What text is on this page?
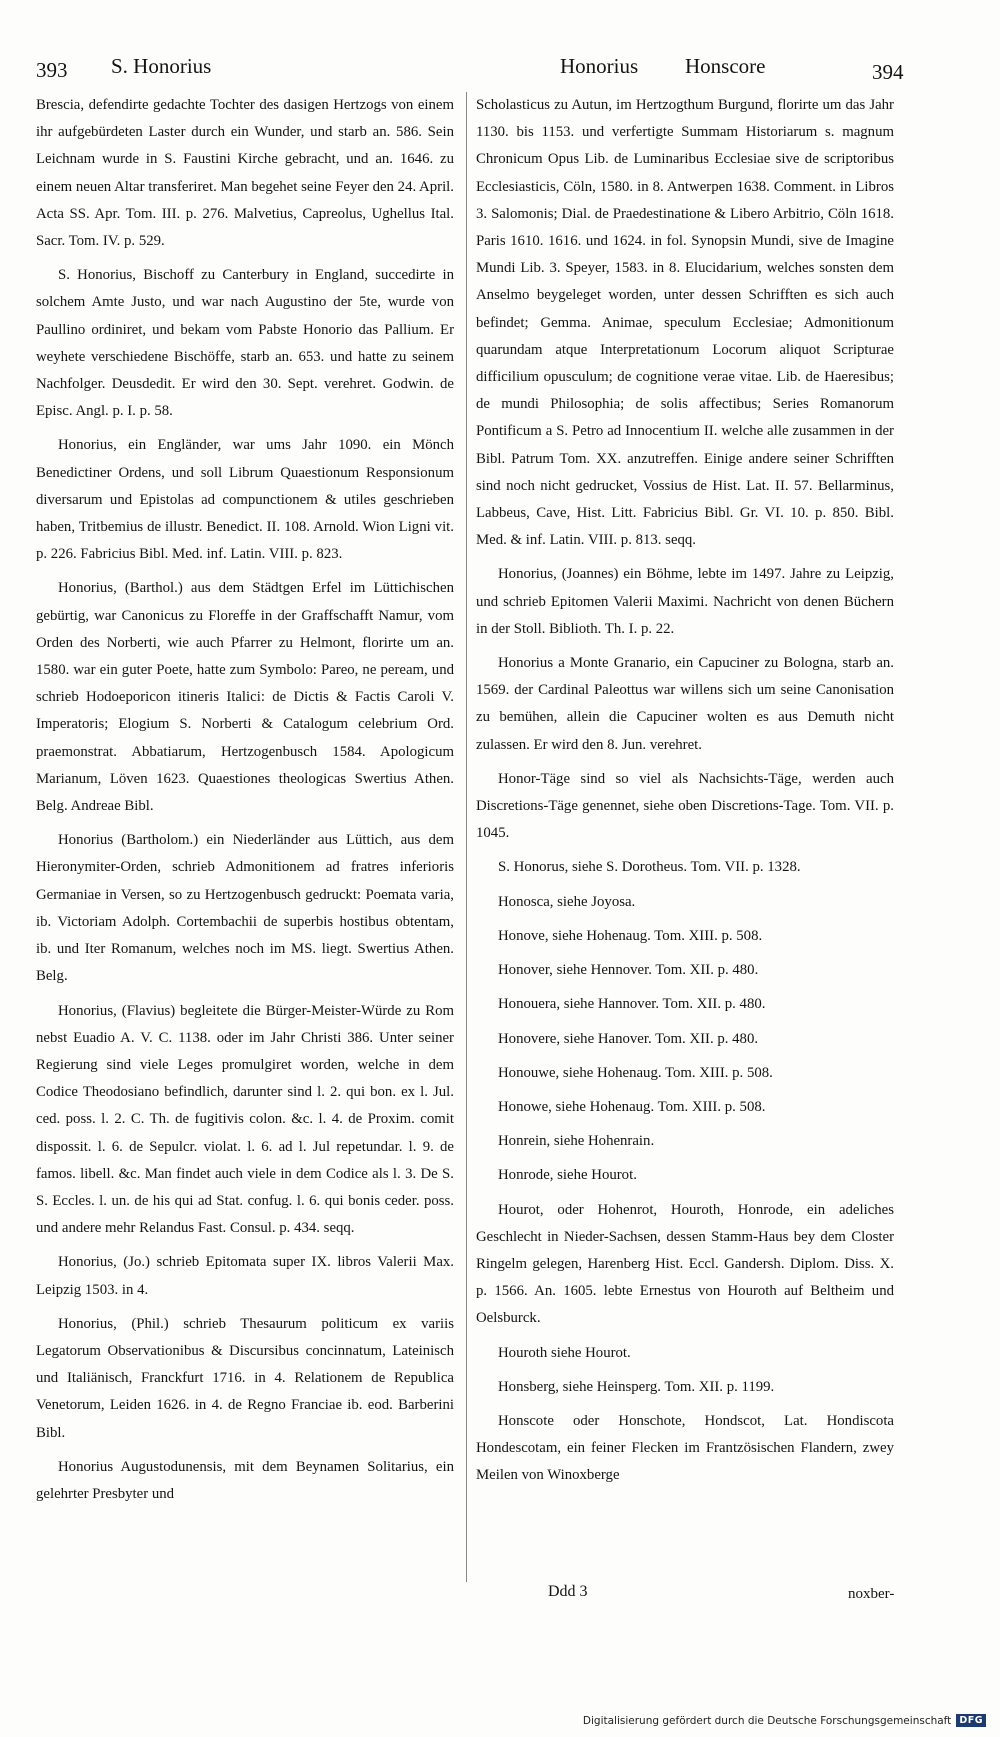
393 S. Honorius	Honorius Honscore	394

Brescia, defendirte gedachte Tochter des dasigen Hertzogs von einem ihr aufgebürdeten Laster durch ein Wunder, und starb an. 586. Sein Leichnam wurde in S. Faustini Kirche gebracht, und an. 1646. zu einem neuen Altar transferiret. Man begehet seine Feyer den 24. April. Acta SS. Apr. Tom. III. p. 276. Malvetius, Capreolus, Ughellus Ital. Sacr. Tom. IV. p. 529.

S. Honorius, Bischoff zu Canterbury in England, succedirte in solchem Amte Justo, und war nach Augustino der 5te, wurde von Paullino ordiniret, und bekam vom Pabste Honorio das Pallium. Er weyhete verschiedene Bischöffe, starb an. 653. und hatte zu seinem Nachfolger. Deusdedit. Er wird den 30. Sept. verehret. Godwin. de Episc. Angl. p. I. p. 58.

Honorius, ein Engländer, war ums Jahr 1090. ein Mönch Benedictiner Ordens, und soll Librum Quaestionum Responsionum diversarum und Epistolas ad compunctionem & utiles geschrieben haben, Tritbemius de illustr. Benedict. II. 108. Arnold. Wion Ligni vit. p. 226. Fabricius Bibl. Med. inf. Latin. VIII. p. 823.

Honorius, (Barthol.) aus dem Städtgen Erfel im Lüttichischen gebürtig, war Canonicus zu Floreffe in der Graffschafft Namur, vom Orden des Norberti, wie auch Pfarrer zu Helmont, florirte um an. 1580. war ein guter Poete, hatte zum Symbolo: Pareo, ne peream, und schrieb Hodoeporicon itineris Italici: de Dictis & Factis Caroli V. Imperatoris; Elogium S. Norberti & Catalogum celebrium Ord. praemonstrat. Abbatiarum, Hertzogenbusch 1584. Apologicum Marianum, Löven 1623. Quaestiones theologicas Swertius Athen. Belg. Andreae Bibl.

Honorius (Bartholom.) ein Niederländer aus Lüttich, aus dem Hieronymiter-Orden, schrieb Admonitionem ad fratres inferioris Germaniae in Versen, so zu Hertzogenbusch gedruckt: Poemata varia, ib. Victoriam Adolph. Cortembachii de superbis hostibus obtentam, ib. und Iter Romanum, welches noch im MS. liegt. Swertius Athen. Belg.

Honorius, (Flavius) begleitete die Bürger-Meister-Würde zu Rom nebst Euadio A. V. C. 1138. oder im Jahr Christi 386. Unter seiner Regierung sind viele Leges promulgiret worden, welche in dem Codice Theodosiano befindlich, darunter sind l. 2. qui bon. ex l. Jul. ced. poss. l. 2. C. Th. de fugitivis colon. &c. l. 4. de Proxim. comit dispossit. l. 6. de Sepulcr. violat. l. 6. ad l. Jul repetundar. l. 9. de famos. libell. &c. Man findet auch viele in dem Codice als l. 3. De S. S. Eccles. l. un. de his qui ad Stat. confug. l. 6. qui bonis ceder. poss. und andere mehr Relandus Fast. Consul. p. 434. seqq.

Honorius, (Jo.) schrieb Epitomata super IX. libros Valerii Max. Leipzig 1503. in 4.

Honorius, (Phil.) schrieb Thesaurum politicum ex variis Legatorum Observationibus & Discursibus concinnatum, Lateinisch und Italiänisch, Franckfurt 1716. in 4. Relationem de Republica Venetorum, Leiden 1626. in 4. de Regno Franciae ib. eod. Barberini Bibl.

Honorius Augustodunensis, mit dem Beynamen Solitarius, ein gelehrter Presbyter und

Scholasticus zu Autun, im Hertzogthum Burgund, florirte um das Jahr 1130. bis 1153. und verfertigte Summam Historiarum s. magnum Chronicum Opus Lib. de Luminaribus Ecclesiae sive de scriptoribus Ecclesiasticis, Cöln, 1580. in 8. Antwerpen 1638. Comment. in Libros 3. Salomonis; Dial. de Praedestinatione & Libero Arbitrio, Cöln 1618. Paris 1610. 1616. und 1624. in fol. Synopsin Mundi, sive de Imagine Mundi Lib. 3. Speyer, 1583. in 8. Elucidarium, welches sonsten dem Anselmo beygeleget worden, unter dessen Schrifften es sich auch befindet; Gemma. Animae, speculum Ecclesiae; Admonitionum quarundam atque Interpretationum Locorum aliquot Scripturae difficilium opusculum; de cognitione verae vitae. Lib. de Haeresibus; de mundi Philosophia; de solis affectibus; Series Romanorum Pontificum a S. Petro ad Innocentium II. welche alle zusammen in der Bibl. Patrum Tom. XX. anzutreffen. Einige andere seiner Schrifften sind noch nicht gedrucket, Vossius de Hist. Lat. II. 57. Bellarminus, Labbeus, Cave, Hist. Litt. Fabricius Bibl. Gr. VI. 10. p. 850. Bibl. Med. & inf. Latin. VIII. p. 813. seqq.

Honorius, (Joannes) ein Böhme, lebte im 1497. Jahre zu Leipzig, und schrieb Epitomen Valerii Maximi. Nachricht von denen Büchern in der Stoll. Biblioth. Th. I. p. 22.

Honorius a Monte Granario, ein Capuciner zu Bologna, starb an. 1569. der Cardinal Paleottus war willens sich um seine Canonisation zu bemühen, allein die Capuciner wolten es aus Demuth nicht zulassen. Er wird den 8. Jun. verehret.

Honor-Täge sind so viel als Nachsichts-Täge, werden auch Discretions-Täge genennet, siehe oben Discretions-Tage. Tom. VII. p. 1045.

S. Honorus, siehe S. Dorotheus. Tom. VII. p. 1328.

Honosca, siehe Joyosa.

Honove, siehe Hohenaug. Tom. XIII. p. 508.

Honover, siehe Hennover. Tom. XII. p. 480.

Honouera, siehe Hannover. Tom. XII. p. 480.

Honovere, siehe Hanover. Tom. XII. p. 480.

Honouwe, siehe Hohenaug. Tom. XIII. p. 508.

Honowe, siehe Hohenaug. Tom. XIII. p. 508.

Honrein, siehe Hohenrain.

Honrode, siehe Hourot.

Hourot, oder Hohenrot, Houroth, Honrode, ein adeliches Geschlecht in Nieder-Sachsen, dessen Stamm-Haus bey dem Closter Ringelm gelegen, Harenberg Hist. Eccl. Gandersh. Diplom. Diss. X. p. 1566. An. 1605. lebte Ernestus von Houroth auf Beltheim und Oelsburck.

Houroth siehe Hourot.

Honsberg, siehe Heinsperg. Tom. XII. p. 1199.

Honscote oder Honschote, Hondscot, Lat. Hondiscota Hondescotam, ein feiner Flecken im Frantzösischen Flandern, zwey Meilen von Winoxberge

Ddd 3	noxber-
Digitalisierung gefördert durch die Deutsche Forschungsgemeinschaft DFG
